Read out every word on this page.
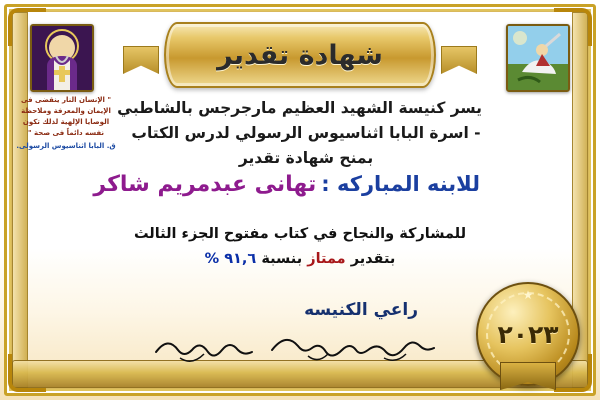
شهادة تقدير
" الإنسان النار ينقضى فى الإيمان والمعرفة وملاحظة الوصايا الإلهية لذلك تكون نفسه دائماً فى صحة "
ق. البابا اثناسيوس الرسولى.
يسر كنيسة الشهيد العظيم مارجرجس بالشاطبي
- اسرة البابا اثناسيوس الرسولي لدرس الكتاب
بمنح شهادة تقدير
للابنه المباركه : تهانى عبدمريم شاكر
للمشاركة والنجاح في كتاب مفتوح الجزء الثالث
بتقدير ممتاز بنسبة ٩١,٦ %
راعي الكنيسه
★
٢٠٢٣
